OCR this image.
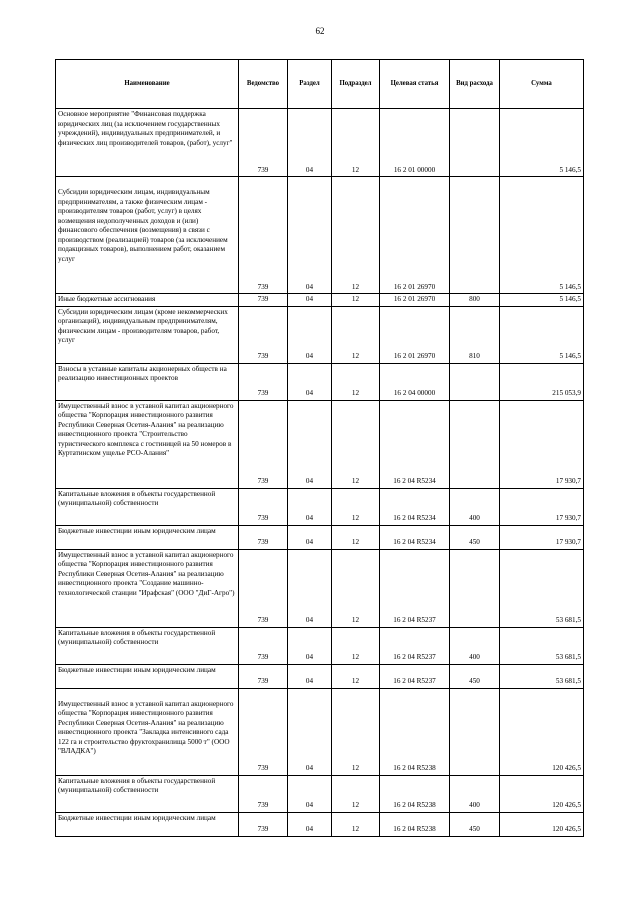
62
Наименование	Ведомство	Раздел	Подраздел	Целевая статья	Вид расхода	Сумма
Основное мероприятие "Финансовая поддержка юридических лиц (за исключением государственных учреждений), индивидуальных предпринимателей, и физических лиц производителей товаров, (работ), услуг"	739	04	12	16 2 01 00000		5 146,5

Субсидии юридическим лицам, индивидуальным предпринимателям, а также физическим лицам - производителям товаров (работ, услуг) в целях возмещения недополученных доходов и (или) финансового обеспечения (возмещения) в связи с производством (реализацией) товаров (за исключением подакцизных товаров), выполнением работ, оказанием услуг	739	04	12	16 2 01 26970		5 146,5
Иные бюджетные ассигнования	739	04	12	16 2 01 26970	800	5 146,5
Субсидии юридическим лицам (кроме некоммерческих организаций), индивидуальным предпринимателям, физическим лицам - производителям товаров, работ, услуг	739	04	12	16 2 01 26970	810	5 146,5
Взносы в уставные капиталы акционерных обществ на реализацию инвестиционных проектов	739	04	12	16 2 04 00000		215 053,9
Имущественный взнос в уставной капитал акционерного общества "Корпорация инвестиционного развития Республики Северная Осетия-Алания" на реализацию инвестиционного проекта "Строительство туристического комплекса с гостиницей на 50 номеров в Куртатинском ущелье РСО-Алания"	739	04	12	16 2 04 R5234		17 930,7
Капитальные вложения в объекты государственной (муниципальной) собственности	739	04	12	16 2 04 R5234	400	17 930,7
Бюджетные инвестиции иным юридическим лицам	739	04	12	16 2 04 R5234	450	17 930,7
Имущественный взнос в уставной капитал акционерного общества "Корпорация инвестиционного развития Республики Северная Осетия-Алания" на реализацию инвестиционного проекта "Создание машинно-технологической станции "Ирафская" (ООО "ДиГ-Агро")	739	04	12	16 2 04 R5237		53 681,5
Капитальные вложения в объекты государственной (муниципальной) собственности	739	04	12	16 2 04 R5237	400	53 681,5
Бюджетные инвестиции иным юридическим лицам	739	04	12	16 2 04 R5237	450	53 681,5

Имущественный взнос в уставной капитал акционерного общества "Корпорация инвестиционного развития Республики Северная Осетия-Алания" на реализацию инвестиционного проекта "Закладка интенсивного сада 122 га и строительство фруктохранилища 5000 т" (ООО "ВЛАДКА")	739	04	12	16 2 04 R5238		120 426,5
Капитальные вложения в объекты государственной (муниципальной) собственности	739	04	12	16 2 04 R5238	400	120 426,5
Бюджетные инвестиции иным юридическим лицам	739	04	12	16 2 04 R5238	450	120 426,5
